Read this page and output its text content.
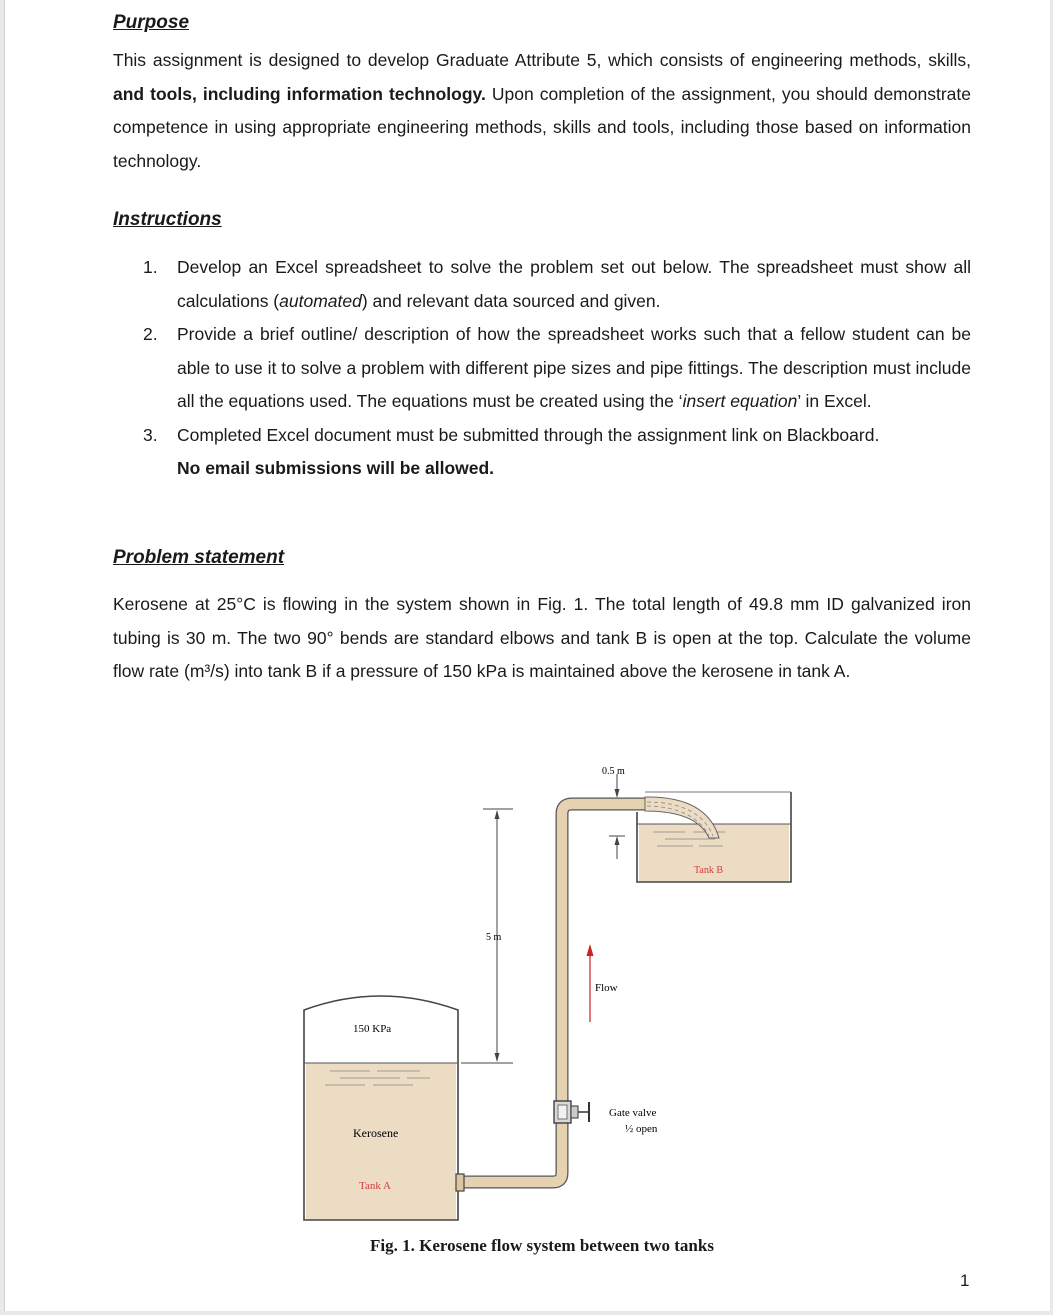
Purpose

This assignment is designed to develop Graduate Attribute 5, which consists of engineering methods, skills, and tools, including information technology. Upon completion of the assignment, you should demonstrate competence in using appropriate engineering methods, skills and tools, including those based on information technology.

Instructions
1. Develop an Excel spreadsheet to solve the problem set out below. The spreadsheet must show all calculations (automated) and relevant data sourced and given.
2. Provide a brief outline/ description of how the spreadsheet works such that a fellow student can be able to use it to solve a problem with different pipe sizes and pipe fittings. The description must include all the equations used. The equations must be created using the ‘insert equation’ in Excel.
3. Completed Excel document must be submitted through the assignment link on Blackboard.
No email submissions will be allowed.
Problem statement

Kerosene at 25°C is flowing in the system shown in Fig. 1. The total length of 49.8 mm ID galvanized iron tubing is 30 m. The two 90° bends are standard elbows and tank B is open at the top. Calculate the volume flow rate (m³/s) into tank B if a pressure of 150 kPa is maintained above the kerosene in tank A.

150 KPa
Kerosene
Tank A
Gate valve
½ open
Flow
5 m
0.5 m
Tank B
Fig. 1. Kerosene flow system between two tanks
1
